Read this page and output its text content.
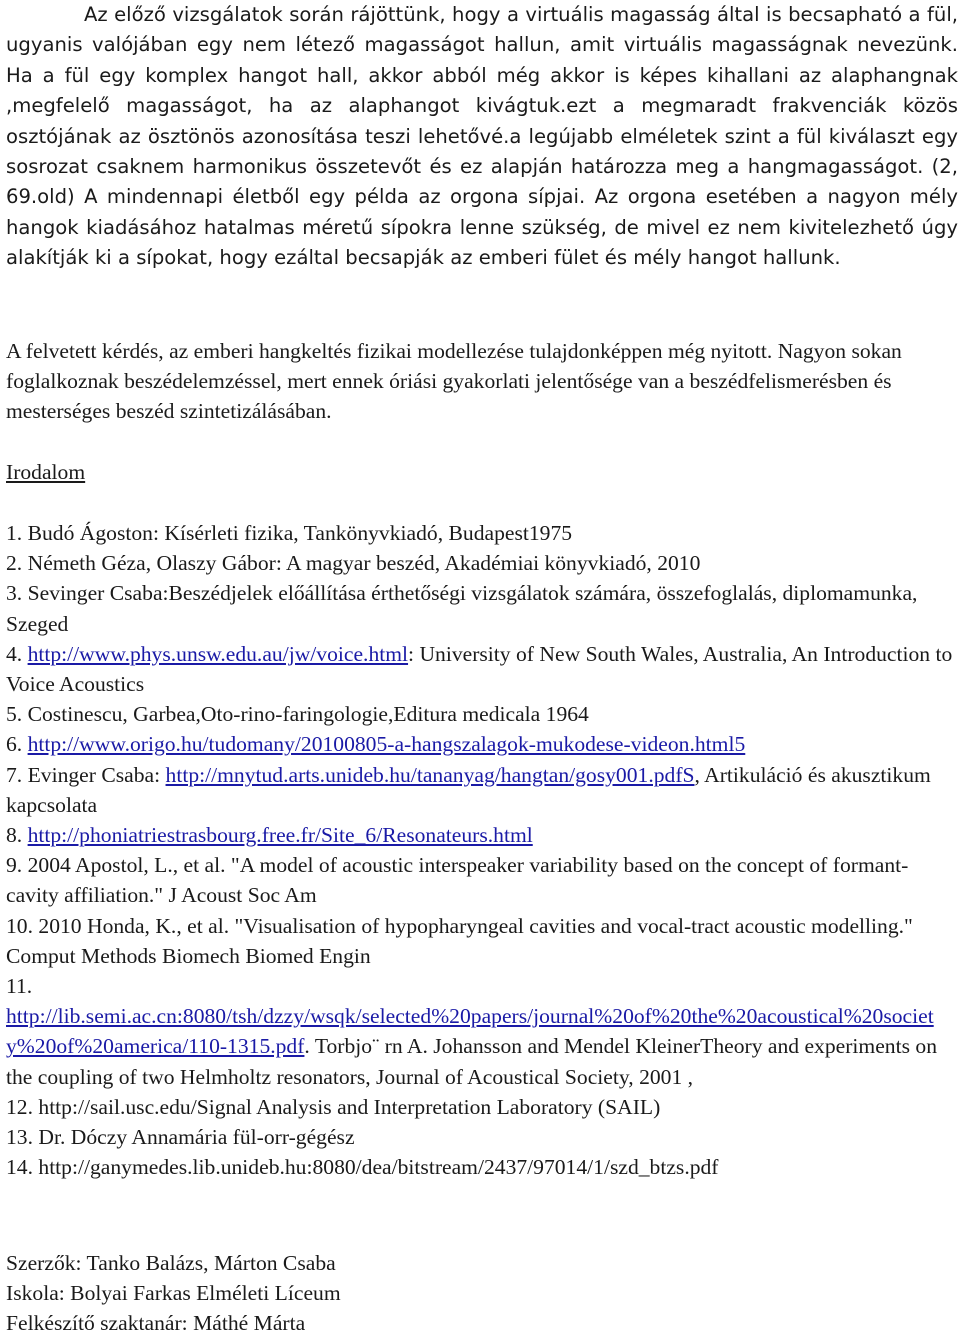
Az előző vizsgálatok során rájöttünk, hogy a virtuális magasság által is becsapható a fül, ugyanis valójában egy nem létező magasságot hallun, amit virtuális magasságnak nevezünk. Ha a fül egy komplex hangot hall, akkor abból még akkor is képes kihallani az alaphangnak ,megfelelő magasságot, ha az alaphangot kivágtuk.ezt a megmaradt frakvenciák közös osztójának az ösztönös azonosítása teszi lehetővé.a legújabb elméletek szint a fül kiválaszt egy sosrozat csaknem harmonikus összetevőt és ez alapján határozza meg a hangmagasságot. (2, 69.old) A mindennapi életből egy példa az orgona sípjai. Az orgona esetében a nagyon mély hangok kiadásához hatalmas méretű sípokra lenne szükség, de mivel ez nem kivitelezhető úgy alakítják ki a sípokat, hogy ezáltal becsapják az emberi fület és mély hangot hallunk.

A felvetett kérdés, az emberi hangkeltés fizikai modellezése tulajdonképpen még nyitott. Nagyon sokan foglalkoznak beszédelemzéssel, mert ennek óriási gyakorlati jelentősége van a beszédfelismerésben és mesterséges beszéd szintetizálásában.

Irodalom
1. Budó Ágoston: Kísérleti fizika, Tankönyvkiadó, Budapest1975
2. Németh Géza, Olaszy Gábor: A magyar beszéd, Akadémiai könyvkiadó, 2010
3. Sevinger Csaba:Beszédjelek előállítása érthetőségi vizsgálatok számára, összefoglalás, diplomamunka, Szeged
4. http://www.phys.unsw.edu.au/jw/voice.html: University of New South Wales, Australia, An Introduction to Voice Acoustics
5. Costinescu, Garbea,Oto-rino-faringologie,Editura medicala 1964
6. http://www.origo.hu/tudomany/20100805-a-hangszalagok-mukodese-videon.html5
7. Evinger Csaba: http://mnytud.arts.unideb.hu/tananyag/hangtan/gosy001.pdfS, Artikuláció és akusztikum kapcsolata
8. http://phoniatriestrasbourg.free.fr/Site_6/Resonateurs.html
9. 2004 Apostol, L., et al. "A model of acoustic interspeaker variability based on the concept of formant-cavity affiliation." J Acoust Soc Am
10. 2010 Honda, K., et al. "Visualisation of hypopharyngeal cavities and vocal-tract acoustic modelling." Comput Methods Biomech Biomed Engin
11.
http://lib.semi.ac.cn:8080/tsh/dzzy/wsqk/selected%20papers/journal%20of%20the%20acoustical%20society%20of%20america/110-1315.pdf. Torbjo¨ rn A. Johansson and Mendel KleinerTheory and experiments on the coupling of two Helmholtz resonators, Journal of Acoustical Society, 2001 ,
12. http://sail.usc.edu/Signal Analysis and Interpretation Laboratory (SAIL)
13. Dr. Dóczy Annamária fül-orr-gégész
14. http://ganymedes.lib.unideb.hu:8080/dea/bitstream/2437/97014/1/szd_btzs.pdf
Szerzők: Tanko Balázs, Márton Csaba
Iskola: Bolyai Farkas Elméleti Líceum
Felkészítő szaktanár: Máthé Márta
